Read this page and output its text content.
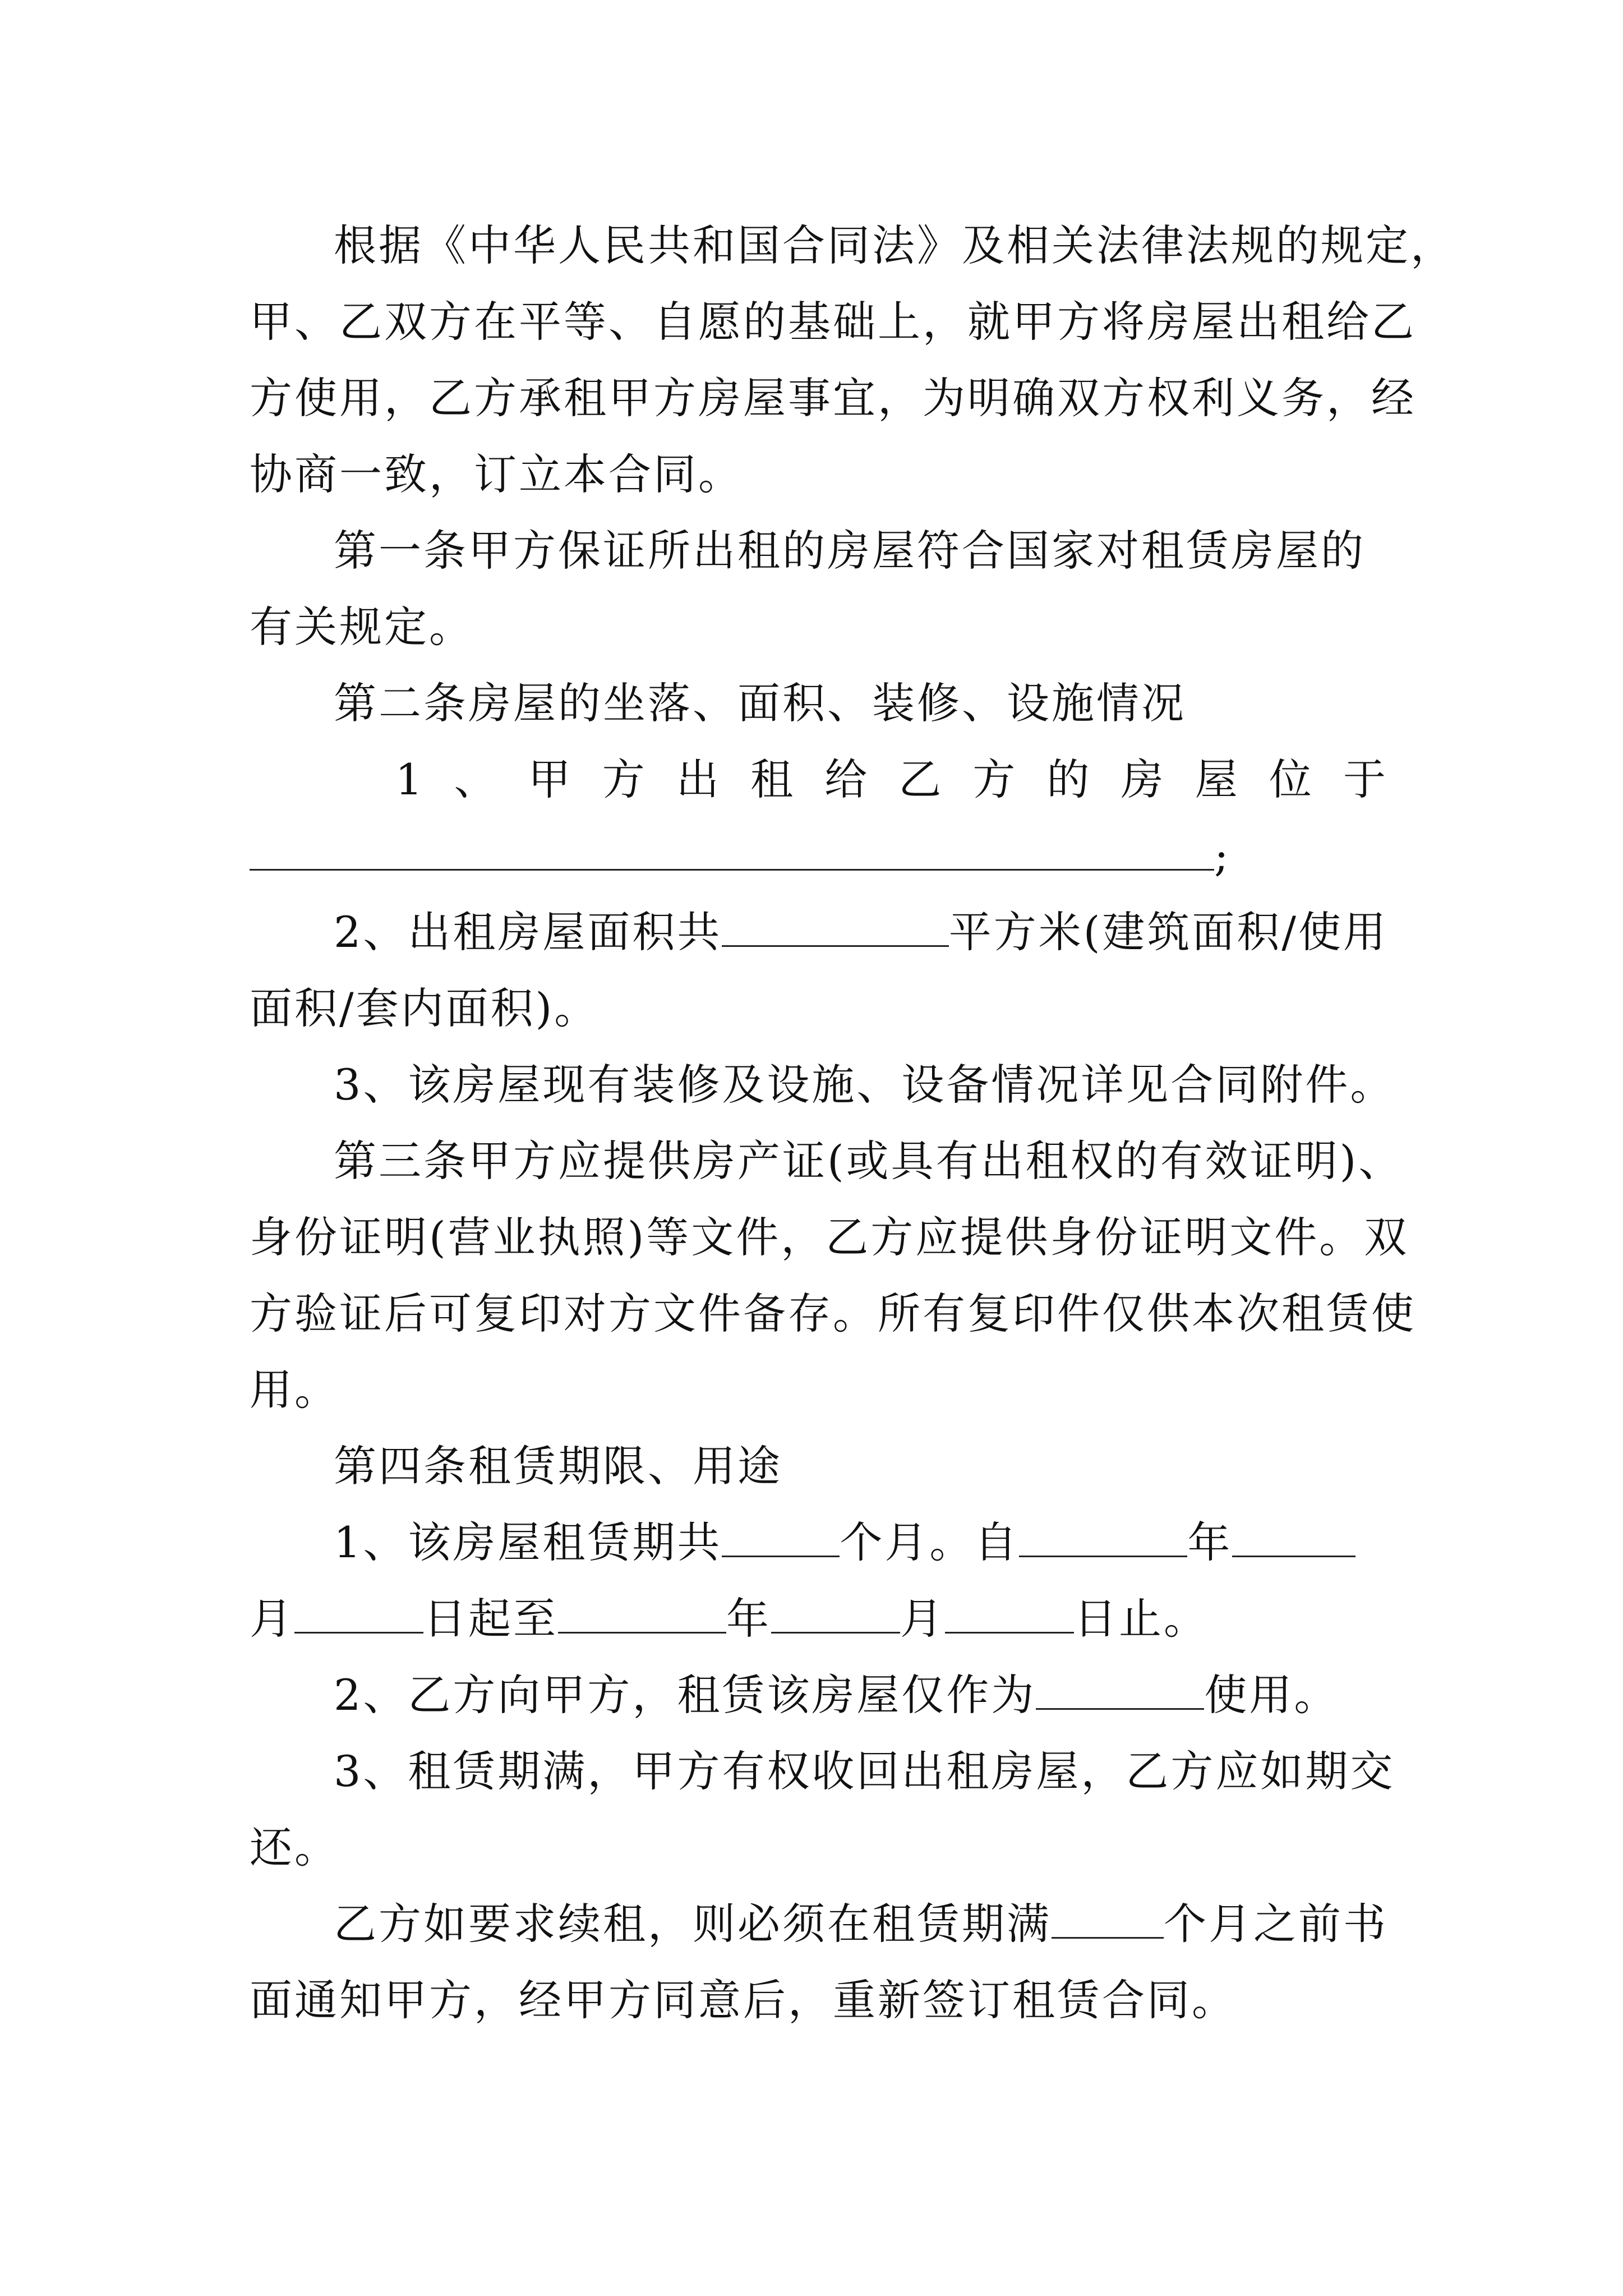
根据《中华人民共和国合同法》及相关法律法规的规定，
甲、乙双方在平等、自愿的基础上，就甲方将房屋出租给乙
方使用，乙方承租甲方房屋事宜，为明确双方权利义务，经
协商一致，订立本合同。
第一条甲方保证所出租的房屋符合国家对租赁房屋的
有关规定。
第二条房屋的坐落、面积、装修、设施情况
1 、 甲 方 出 租 给 乙 方 的 房 屋 位 于
;
2、出租房屋面积共	平方米(建筑面积/使用
面积/套内面积)。
3、该房屋现有装修及设施、设备情况详见合同附件。
第三条甲方应提供房产证(或具有出租权的有效证明)、
身份证明(营业执照)等文件，乙方应提供身份证明文件。双
方验证后可复印对方文件备存。所有复印件仅供本次租赁使
用。
第四条租赁期限、用途
1、该房屋租赁期共	个月。自	年
月	日起至	年	月	日止。
2、乙方向甲方，租赁该房屋仅作为	使用。
3、租赁期满，甲方有权收回出租房屋，乙方应如期交
还。
乙方如要求续租，则必须在租赁期满	个月之前书
面通知甲方，经甲方同意后，重新签订租赁合同。
